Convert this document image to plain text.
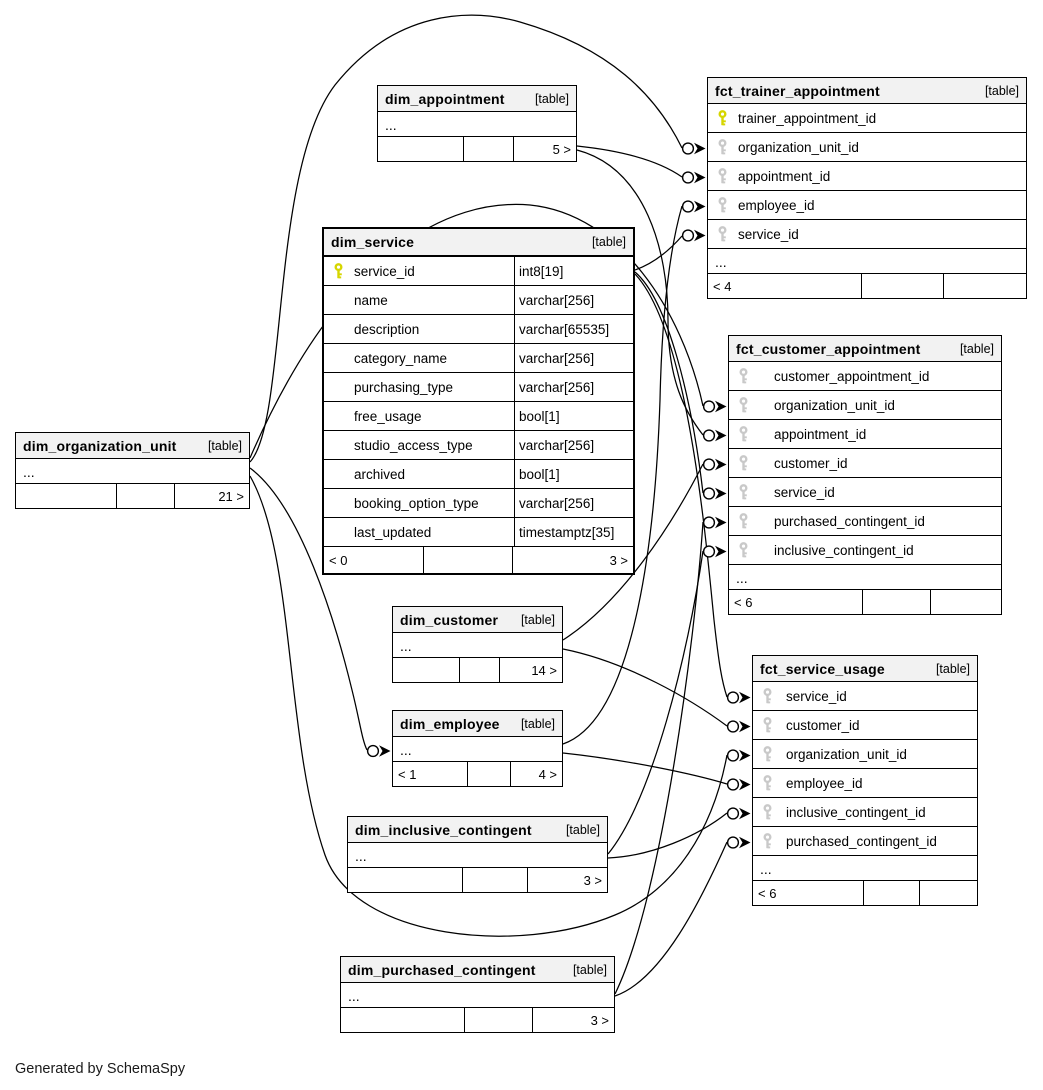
dim_appointment [table]
...
5 >
fct_trainer_appointment	[table]
trainer_appointment_id
organization_unit_id
appointment_id
employee_id
service_id
...
< 4
dim_service	[table]
service_id	int8[19]
name	varchar[256]
description	varchar[65535]
category_name	varchar[256]
purchasing_type	varchar[256]
free_usage	bool[1]
studio_access_type	varchar[256]
archived	bool[1]
booking_option_type	varchar[256]
last_updated	timestamptz[35]
< 0	3 >
fct_customer_appointment	[table]
customer_appointment_id
organization_unit_id
appointment_id
customer_id
service_id
purchased_contingent_id
inclusive_contingent_id
...
< 6
dim_organization_unit	[table]
...
21 >
dim_customer [table]
...
14 >
dim_employee [table]
...
< 1	4 >
fct_service_usage	[table]
service_id
customer_id
organization_unit_id
employee_id
inclusive_contingent_id
purchased_contingent_id
...
< 6
dim_inclusive_contingent	[table]
...
3 >
dim_purchased_contingent	[table]
...
3 >
Generated by SchemaSpy
